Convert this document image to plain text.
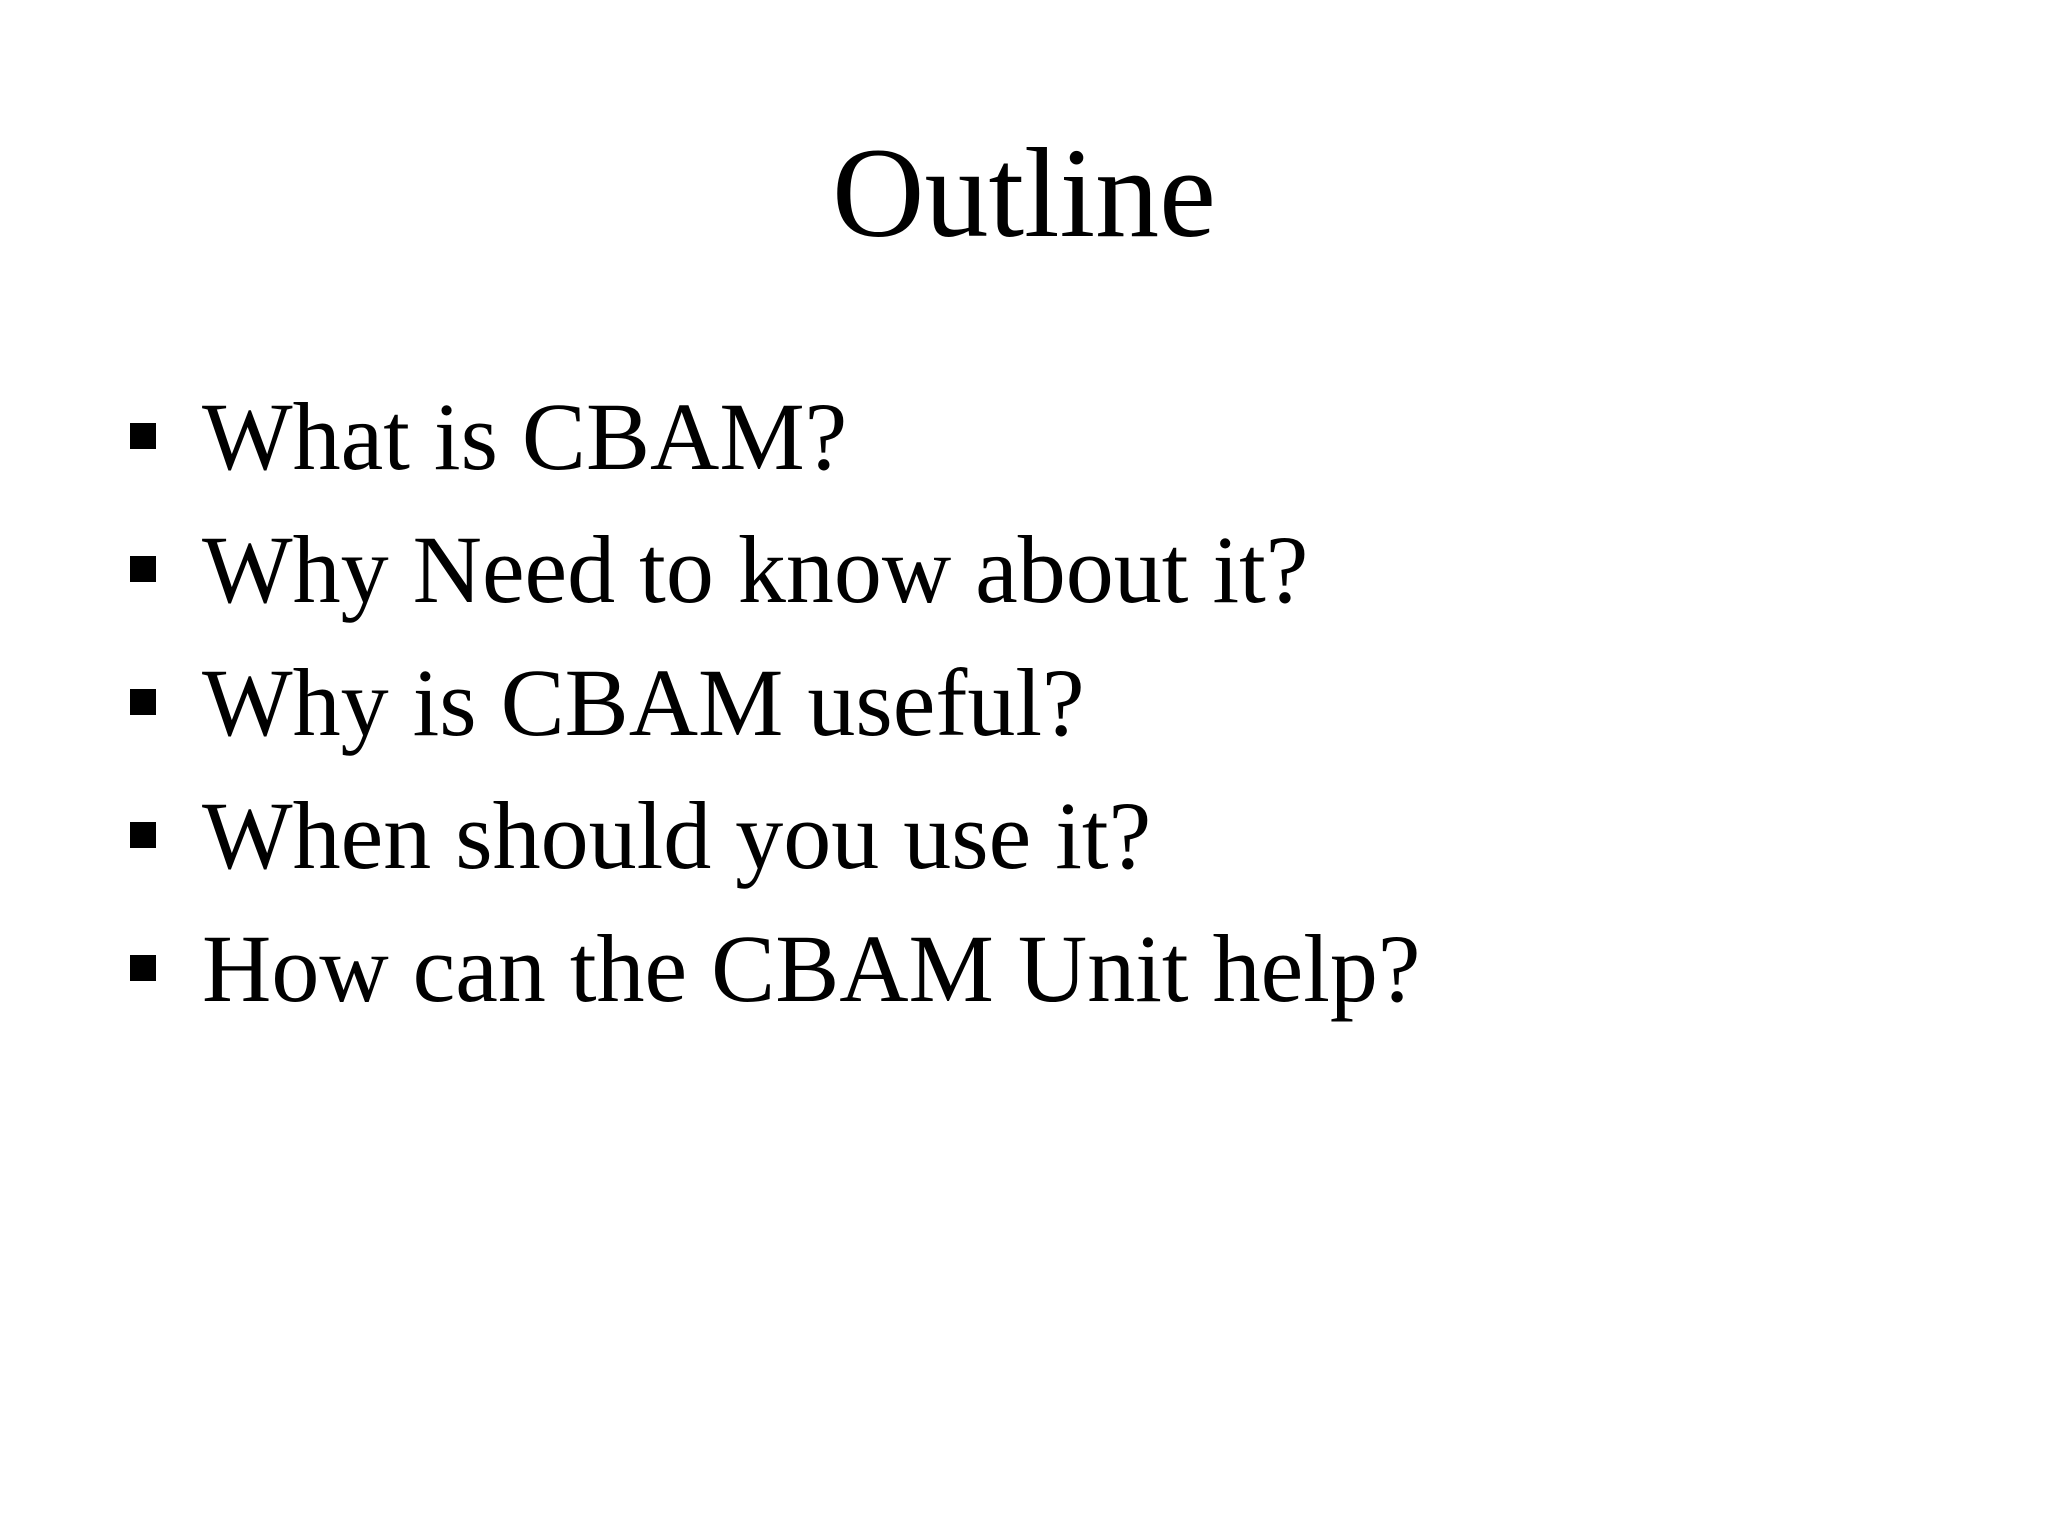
Outline
What is CBAM?
Why Need to know about it?
Why is CBAM useful?
When should you use it?
How can the CBAM Unit help?
